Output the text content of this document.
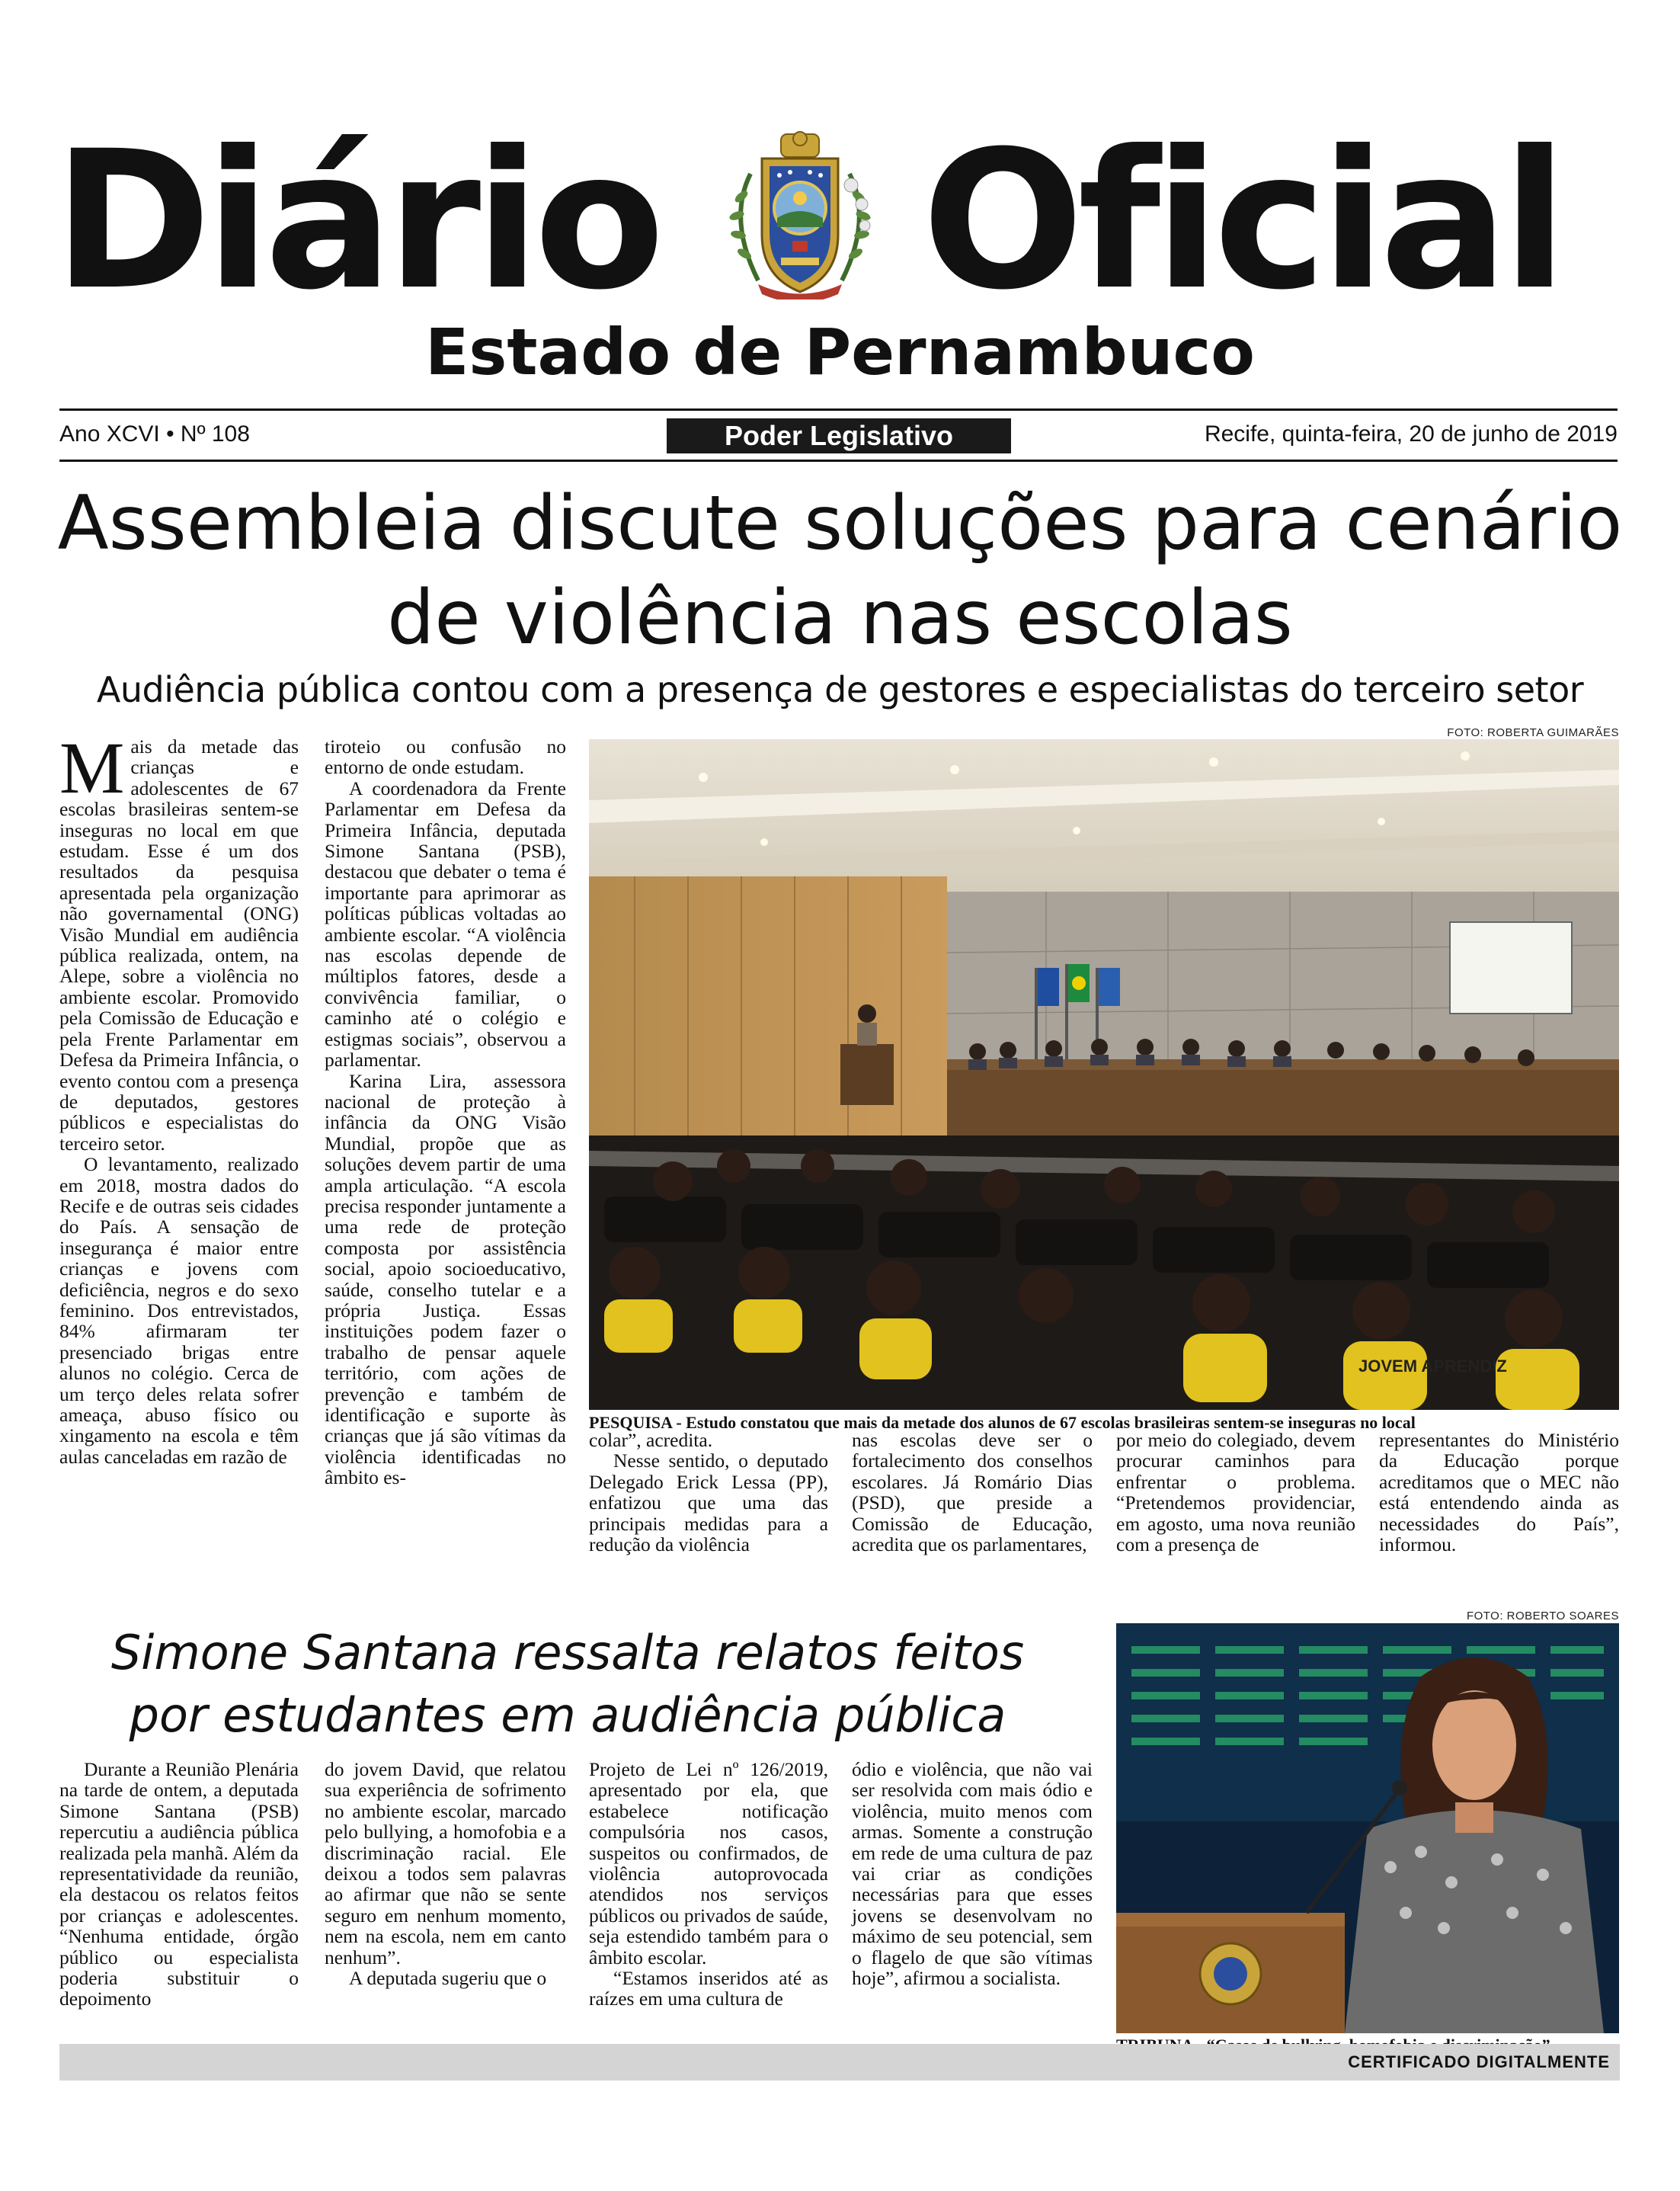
Diário	Oficial
Estado de Pernambuco
Ano XCVI • Nº 108	Poder Legislativo	Recife, quinta-feira, 20 de junho de 2019
Assembleia discute soluções para cenário de violência nas escolas
Audiência pública contou com a presença de gestores e especialistas do terceiro setor
FOTO: ROBERTA GUIMARÃES

Mais da metade das crianças e adolescentes de 67 escolas brasileiras sentem-se inseguras no local em que estudam. Esse é um dos resultados da pesquisa apresentada pela organização não governamental (ONG) Visão Mundial em audiência pública realizada, ontem, na Alepe, sobre a violência no ambiente escolar. Promovido pela Comissão de Educação e pela Frente Parlamentar em Defesa da Primeira Infância, o evento contou com a presença de deputados, gestores públicos e especialistas do terceiro setor.

O levantamento, realizado em 2018, mostra dados do Recife e de outras seis cidades do País. A sensação de insegurança é maior entre crianças e jovens com deficiência, negros e do sexo feminino. Dos entrevistados, 84% afirmaram ter presenciado brigas entre alunos no colégio. Cerca de um terço deles relata sofrer ameaça, abuso físico ou xingamento na escola e têm aulas canceladas em razão de

tiroteio ou confusão no entorno de onde estudam.

A coordenadora da Frente Parlamentar em Defesa da Primeira Infância, deputada Simone Santana (PSB), destacou que debater o tema é importante para aprimorar as políticas públicas voltadas ao ambiente escolar. “A violência nas escolas depende de múltiplos fatores, desde a convivência familiar, o caminho até o colégio e estigmas sociais”, observou a parlamentar.

Karina Lira, assessora nacional de proteção à infância da ONG Visão Mundial, propõe que as soluções devem partir de uma ampla articulação. “A escola precisa responder juntamente a uma rede de proteção composta por assistência social, apoio socioeducativo, saúde, conselho tutelar e a própria Justiça. Essas instituições podem fazer o trabalho de pensar aquele território, com ações de prevenção e também de identificação e suporte às crianças que já são vítimas da violência identificadas no âmbito es-

JOVEM APRENDIZ
PESQUISA - Estudo constatou que mais da metade dos alunos de 67 escolas brasileiras sentem-se inseguras no local

colar”, acredita.

Nesse sentido, o deputado Delegado Erick Lessa (PP), enfatizou que uma das principais medidas para a redução da violência

nas escolas deve ser o fortalecimento dos conselhos escolares. Já Romário Dias (PSD), que preside a Comissão de Educação, acredita que os parlamentares,

por meio do colegiado, devem procurar caminhos para enfrentar o problema. “Pretendemos providenciar, em agosto, uma nova reunião com a presença de

representantes do Ministério da Educação porque acreditamos que o MEC não está entendendo ainda as necessidades do País”, informou.

Simone Santana ressalta relatos feitos
por estudantes em audiência pública
FOTO: ROBERTO SOARES

Durante a Reunião Plenária na tarde de ontem, a deputada Simone Santana (PSB) repercutiu a audiência pública realizada pela manhã. Além da representatividade da reunião, ela destacou os relatos feitos por crianças e adolescentes. “Nenhuma entidade, órgão público ou especialista poderia substituir o depoimento

do jovem David, que relatou sua experiência de sofrimento no ambiente escolar, marcado pelo bullying, a homofobia e a discriminação racial. Ele deixou a todos sem palavras ao afirmar que não se sente seguro em nenhum momento, nem na escola, nem em canto nenhum”.

A deputada sugeriu que o

Projeto de Lei nº 126/2019, apresentado por ela, que estabelece notificação compulsória nos casos, suspeitos ou confirmados, de violência autoprovocada atendidos nos serviços públicos ou privados de saúde, seja estendido também para o âmbito escolar.

“Estamos inseridos até as raízes em uma cultura de

ódio e violência, que não vai ser resolvida com mais ódio e violência, muito menos com armas. Somente a construção em rede de uma cultura de paz vai criar as condições necessárias para que esses jovens se desenvolvam no máximo de seu potencial, sem o flagelo de que são vítimas hoje”, afirmou a socialista.

CERTIFICADO DIGITALMENTE
